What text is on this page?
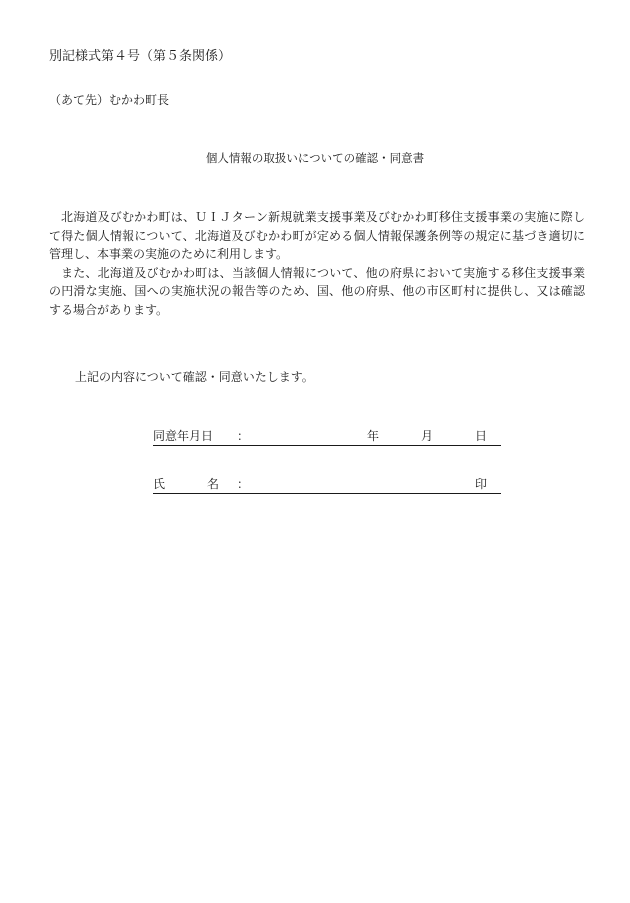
別記様式第４号（第５条関係）
（あて先）むかわ町長
個人情報の取扱いについての確認・同意書

北海道及びむかわ町は、ＵＩＪターン新規就業支援事業及びむかわ町移住支援事業の実施に際して得た個人情報について、北海道及びむかわ町が定める個人情報保護条例等の規定に基づき適切に管理し、本事業の実施のために利用します。

また、北海道及びむかわ町は、当該個人情報について、他の府県において実施する移住支援事業の円滑な実施、国への実施状況の報告等のため、国、他の府県、他の市区町村に提供し、又は確認する場合があります。

上記の内容について確認・同意いたします。
同意年月日 ：	年	月	日
氏	名 ：	印
